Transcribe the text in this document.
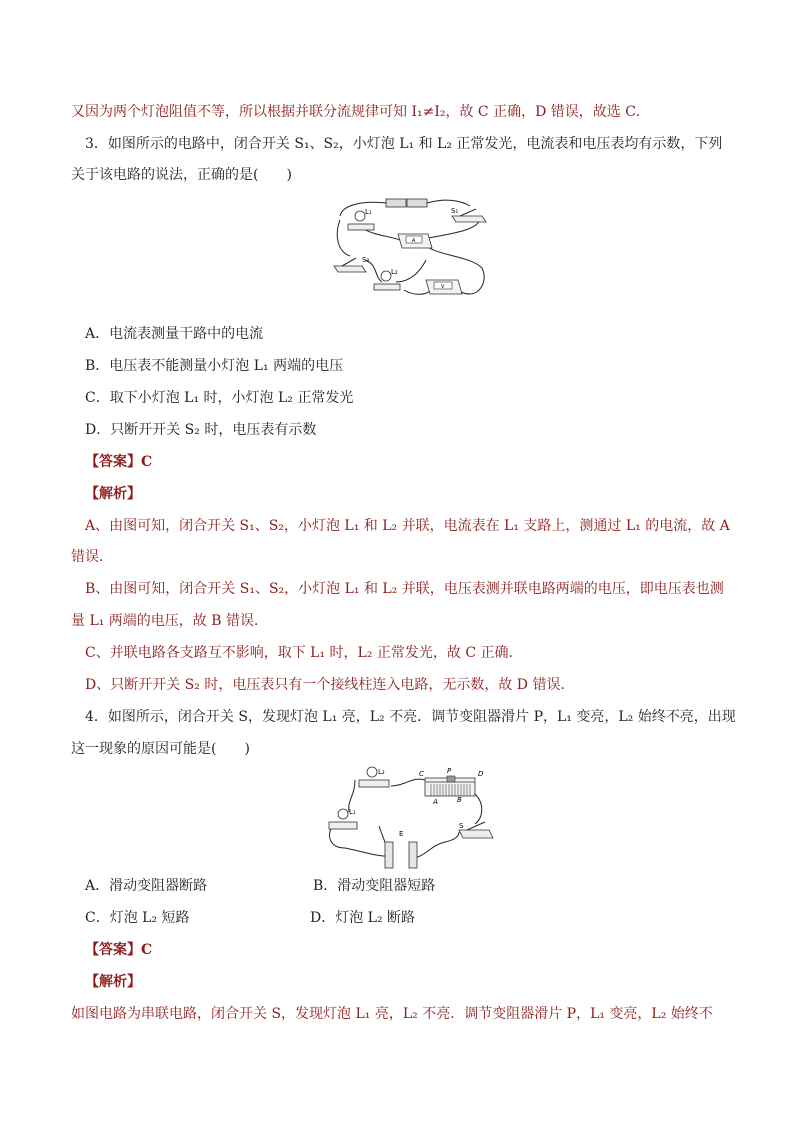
又因为两个灯泡阻值不等，所以根据并联分流规律可知 I₁≠I₂，故 C 正确，D 错误，故选 C．
3．如图所示的电路中，闭合开关 S₁、S₂，小灯泡 L₁ 和 L₂ 正常发光，电流表和电压表均有示数，下列
关于该电路的说法，正确的是(　　)
L₁	S₁
A
S₂
L₂
V
A．电流表测量干路中的电流
B．电压表不能测量小灯泡 L₁ 两端的电压
C．取下小灯泡 L₁ 时，小灯泡 L₂ 正常发光
D．只断开开关 S₂ 时，电压表有示数
【答案】C
【解析】
A、由图可知，闭合开关 S₁、S₂，小灯泡 L₁ 和 L₂ 并联，电流表在 L₁ 支路上，测通过 L₁ 的电流，故 A
错误．
B、由图可知，闭合开关 S₁、S₂，小灯泡 L₁ 和 L₂ 并联，电压表测并联电路两端的电压，即电压表也测
量 L₁ 两端的电压，故 B 错误．
C、并联电路各支路互不影响，取下 L₁ 时，L₂ 正常发光，故 C 正确．
D、只断开开关 S₂ 时，电压表只有一个接线柱连入电路，无示数，故 D 错误．
4．如图所示，闭合开关 S，发现灯泡 L₁ 亮，L₂ 不亮．调节变阻器滑片 P，L₁ 变亮，L₂ 始终不亮，出现
这一现象的原因可能是(　　)
L₂	C	P	D
A	B
L₁
E
S
A．滑动变阻器断路	B．滑动变阻器短路
C．灯泡 L₂ 短路	D．灯泡 L₂ 断路
【答案】C
【解析】
如图电路为串联电路，闭合开关 S，发现灯泡 L₁ 亮，L₂ 不亮．调节变阻器滑片 P，L₁ 变亮，L₂ 始终不
